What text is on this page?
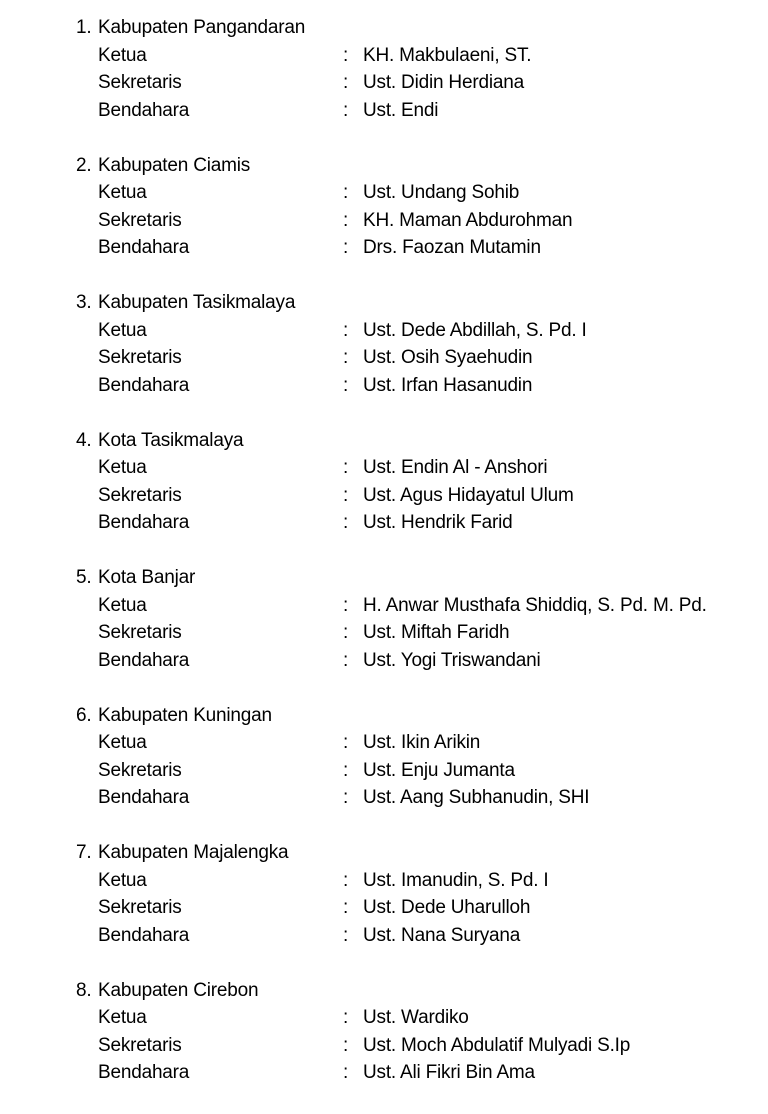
1. Kabupaten Pangandaran
Ketua	: KH. Makbulaeni, ST.
Sekretaris	: Ust. Didin Herdiana
Bendahara	: Ust. Endi
2. Kabupaten Ciamis
Ketua	: Ust. Undang Sohib
Sekretaris	: KH. Maman Abdurohman
Bendahara	: Drs. Faozan Mutamin
3. Kabupaten Tasikmalaya
Ketua	: Ust. Dede Abdillah, S. Pd. I
Sekretaris	: Ust. Osih Syaehudin
Bendahara	: Ust. Irfan Hasanudin
4. Kota Tasikmalaya
Ketua	: Ust. Endin Al - Anshori
Sekretaris	: Ust. Agus Hidayatul Ulum
Bendahara	: Ust. Hendrik Farid
5. Kota Banjar
Ketua	: H. Anwar Musthafa Shiddiq, S. Pd. M. Pd.
Sekretaris	: Ust. Miftah Faridh
Bendahara	: Ust. Yogi Triswandani
6. Kabupaten Kuningan
Ketua	: Ust. Ikin Arikin
Sekretaris	: Ust. Enju Jumanta
Bendahara	: Ust. Aang Subhanudin, SHI
7. Kabupaten Majalengka
Ketua	: Ust. Imanudin, S. Pd. I
Sekretaris	: Ust. Dede Uharulloh
Bendahara	: Ust. Nana Suryana
8. Kabupaten Cirebon
Ketua	: Ust. Wardiko
Sekretaris	: Ust. Moch Abdulatif Mulyadi S.Ip
Bendahara	: Ust. Ali Fikri Bin Ama
